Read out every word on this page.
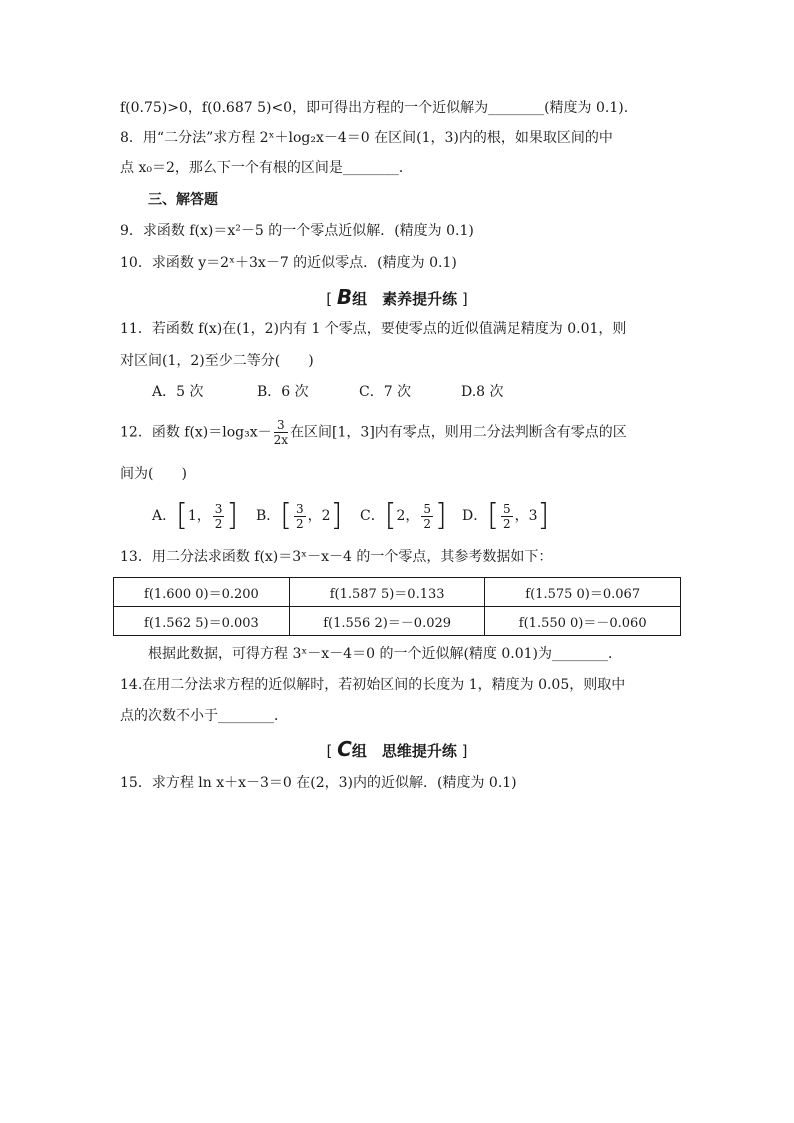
f(0.75)>0，f(0.687 5)<0，即可得出方程的一个近似解为________(精度为 0.1).
8．用“二分法”求方程 2ˣ＋log₂x－4＝0 在区间(1，3)内的根，如果取区间的中
点 x₀＝2，那么下一个有根的区间是________．
三、解答题
9．求函数 f(x)＝x²－5 的一个零点近似解．(精度为 0.1)
10．求函数 y＝2ˣ＋3x－7 的近似零点．(精度为 0.1)
[ B组　素养提升练 ]
11．若函数 f(x)在(1，2)内有 1 个零点，要使零点的近似值满足精度为 0.01，则
对区间(1，2)至少二等分(　　)
A．5 次	B．6 次	C．7 次	D.8 次
12．函数 $f(x)=\log_3x- \frac{3}{2x}$ 在区间[1，3]内有零点，则用二分法判断含有零点的区
间为(　　)
A．[1， $\frac{3}{2}$ ] B．[ $\frac{3}{2}$ ，2] C．[2， $\frac{5}{2}$ ] D．[ $\frac{5}{2}$ ，3]
13．用二分法求函数 f(x)＝3ˣ－x－4 的一个零点，其参考数据如下：
f(1.600 0)＝0.200	f(1.587 5)＝0.133	f(1.575 0)＝0.067
f(1.562 5)＝0.003	f(1.556 2)＝－0.029	f(1.550 0)＝－0.060
根据此数据，可得方程 3ˣ－x－4＝0 的一个近似解(精度 0.01)为________．
14.在用二分法求方程的近似解时，若初始区间的长度为 1，精度为 0.05，则取中
点的次数不小于________．
[ C组　思维提升练 ]
15．求方程 ln x＋x－3＝0 在(2，3)内的近似解．(精度为 0.1)
